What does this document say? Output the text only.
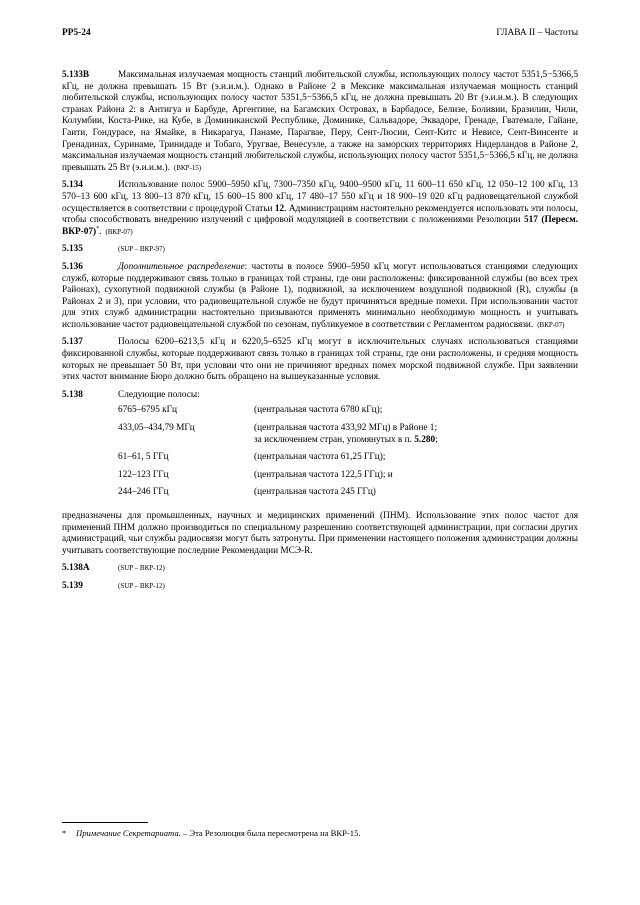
РР5-24	ГЛАВА II – Частоты

5.133В	Максимальная излучаемая мощность станций любительской службы, использующих полосу частот 5351,5−5366,5 кГц, не должна превышать 15 Вт (э.и.и.м.). Однако в Районе 2 в Мексике максимальная излучаемая мощность станций любительской службы, использующих полосу частот 5351,5−5366,5 кГц, не должна превышать 20 Вт (э.и.и.м.). В следующих странах Района 2: в Антигуа и Барбуде, Аргентине, на Багамских Островах, в Барбадосе, Белизе, Боливии, Бразилии, Чили, Колумбии, Коста-Рике, на Кубе, в Доминиканской Республике, Доминике, Сальвадоре, Эквадоре, Гренаде, Гватемале, Гайане, Гаити, Гондурасе, на Ямайке, в Никарагуа, Панаме, Парагвае, Перу, Сент-Люсии, Сент-Китс и Невисе, Сент-Винсенте и Гренадинах, Суринаме, Тринидаде и Тобаго, Уругвае, Венесуэле, а также на заморских территориях Нидерландов в Районе 2, максимальная излучаемая мощность станций любительской службы, использующих полосу частот 5351,5−5366,5 кГц, не должна превышать 25 Вт (э.и.и.м.). (ВКР-15)

5.134	Использование полос 5900–5950 кГц, 7300–7350 кГц, 9400–9500 кГц, 11 600–11 650 кГц, 12 050–12 100 кГц, 13 570–13 600 кГц, 13 800–13 870 кГц, 15 600–15 800 кГц, 17 480–17 550 кГц и 18 900–19 020 кГц радиовещательной службой осуществляется в соответствии с процедурой Статьи 12. Администрациям настоятельно рекомендуется использовать эти полосы, чтобы способствовать внедрению излучений с цифровой модуляцией в соответствии с положениями Резолюции 517 (Пересм. ВКР-07)*. (ВКР-07)

5.135	(SUP – ВКР-97)

5.136	Дополнительное распределение: частоты в полосе 5900–5950 кГц могут использоваться станциями следующих служб, которые поддерживают связь только в границах той страны, где они расположены: фиксированной службы (во всех трех Районах), сухопутной подвижной службы (в Районе 1), подвижной, за исключением воздушной подвижной (R), службы (в Районах 2 и 3), при условии, что радиовещательной службе не будут причиняться вредные помехи. При использовании частот для этих служб администрации настоятельно призываются применять минимально необходимую мощность и учитывать использование частот радиовещательной службой по сезонам, публикуемое в соответствии с Регламентом радиосвязи. (ВКР-07)

5.137	Полосы 6200–6213,5 кГц и 6220,5–6525 кГц могут в исключительных случаях использоваться станциями фиксированной службы, которые поддерживают связь только в границах той страны, где они расположены, и средняя мощность которых не превышает 50 Вт, при условии что они не причиняют вредных помех морской подвижной службе. При заявлении этих частот внимание Бюро должно быть обращено на вышеуказанные условия.

5.138	Следующие полосы:

6765–6795 кГц	(центральная частота 6780 кГц);
433,05–434,79 МГц	(центральная частота 433,92 МГц) в Районе 1;
за исключением стран, упомянутых в п. 5.280;
61–61, 5 ГГц	(центральная частота 61,25 ГГц);
122–123 ГГц	(центральная частота 122,5 ГГц); и
244–246 ГГц	(центральная частота 245 ГГц)

предназначены для промышленных, научных и медицинских применений (ПНМ). Использование этих полос частот для применений ПНМ должно производиться по специальному разрешению соответствующей администрации, при согласии других администраций, чьи службы радиосвязи могут быть затронуты. При применении настоящего положения администрации должны учитывать соответствующие последние Рекомендации МСЭ-R.

5.138А	(SUP – ВКР-12)

5.139	(SUP – ВКР-12)

* Примечание Секретариата. – Эта Резолюция была пересмотрена на ВКР-15.
